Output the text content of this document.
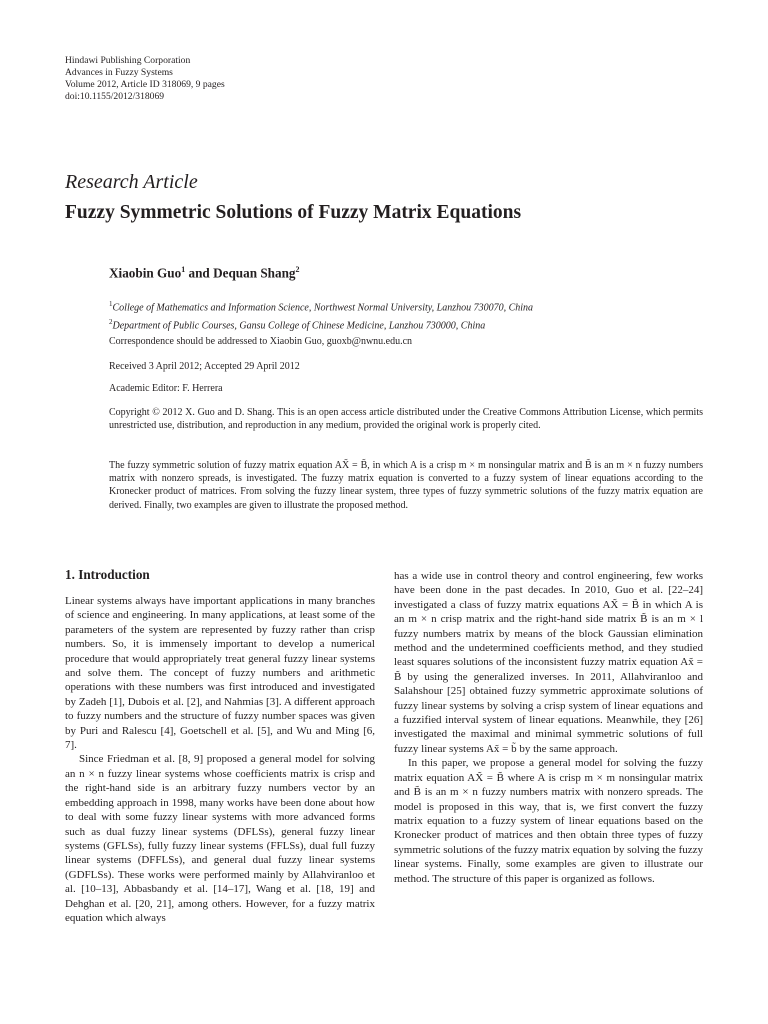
Hindawi Publishing Corporation
Advances in Fuzzy Systems
Volume 2012, Article ID 318069, 9 pages
doi:10.1155/2012/318069
Research Article
Fuzzy Symmetric Solutions of Fuzzy Matrix Equations
Xiaobin Guo$^1$ and Dequan Shang$^2$
$^1$College of Mathematics and Information Science, Northwest Normal University, Lanzhou 730070, China
$^2$Department of Public Courses, Gansu College of Chinese Medicine, Lanzhou 730000, China
Correspondence should be addressed to Xiaobin Guo, guoxb@nwnu.edu.cn
Received 3 April 2012; Accepted 29 April 2012
Academic Editor: F. Herrera
Copyright © 2012 X. Guo and D. Shang. This is an open access article distributed under the Creative Commons Attribution License, which permits unrestricted use, distribution, and reproduction in any medium, provided the original work is properly cited.
The fuzzy symmetric solution of fuzzy matrix equation AX̃ = B̃, in which A is a crisp m × m nonsingular matrix and B̃ is an m × n fuzzy numbers matrix with nonzero spreads, is investigated. The fuzzy matrix equation is converted to a fuzzy system of linear equations according to the Kronecker product of matrices. From solving the fuzzy linear system, three types of fuzzy symmetric solutions of the fuzzy matrix equation are derived. Finally, two examples are given to illustrate the proposed method.
1. Introduction

Linear systems always have important applications in many branches of science and engineering. In many applications, at least some of the parameters of the system are represented by fuzzy rather than crisp numbers. So, it is immensely important to develop a numerical procedure that would appropriately treat general fuzzy linear systems and solve them. The concept of fuzzy numbers and arithmetic operations with these numbers was first introduced and investigated by Zadeh [1], Dubois et al. [2], and Nahmias [3]. A different approach to fuzzy numbers and the structure of fuzzy number spaces was given by Puri and Ralescu [4], Goetschell et al. [5], and Wu and Ming [6, 7].

Since Friedman et al. [8, 9] proposed a general model for solving an n × n fuzzy linear systems whose coefficients matrix is crisp and the right-hand side is an arbitrary fuzzy numbers vector by an embedding approach in 1998, many works have been done about how to deal with some fuzzy linear systems with more advanced forms such as dual fuzzy linear systems (DFLSs), general fuzzy linear systems (GFLSs), fully fuzzy linear systems (FFLSs), dual full fuzzy linear systems (DFFLSs), and general dual fuzzy linear systems (GDFLSs). These works were performed mainly by Allahviranloo et al. [10–13], Abbasbandy et al. [14–17], Wang et al. [18, 19] and Dehghan et al. [20, 21], among others. However, for a fuzzy matrix equation which always

has a wide use in control theory and control engineering, few works have been done in the past decades. In 2010, Guo et al. [22–24] investigated a class of fuzzy matrix equations AX̃ = B̃ in which A is an m × n crisp matrix and the right-hand side matrix B̃ is an m × l fuzzy numbers matrix by means of the block Gaussian elimination method and the undetermined coefficients method, and they studied least squares solutions of the inconsistent fuzzy matrix equation Ax̃ = B̃ by using the generalized inverses. In 2011, Allahviranloo and Salahshour [25] obtained fuzzy symmetric approximate solutions of fuzzy linear systems by solving a crisp system of linear equations and a fuzzified interval system of linear equations. Meanwhile, they [26] investigated the maximal and minimal symmetric solutions of full fuzzy linear systems Ax̃ = b̃ by the same approach.

In this paper, we propose a general model for solving the fuzzy matrix equation AX̃ = B̃ where A is crisp m × m nonsingular matrix and B̃ is an m × n fuzzy numbers matrix with nonzero spreads. The model is proposed in this way, that is, we first convert the fuzzy matrix equation to a fuzzy system of linear equations based on the Kronecker product of matrices and then obtain three types of fuzzy symmetric solutions of the fuzzy matrix equation by solving the fuzzy linear systems. Finally, some examples are given to illustrate our method. The structure of this paper is organized as follows.
